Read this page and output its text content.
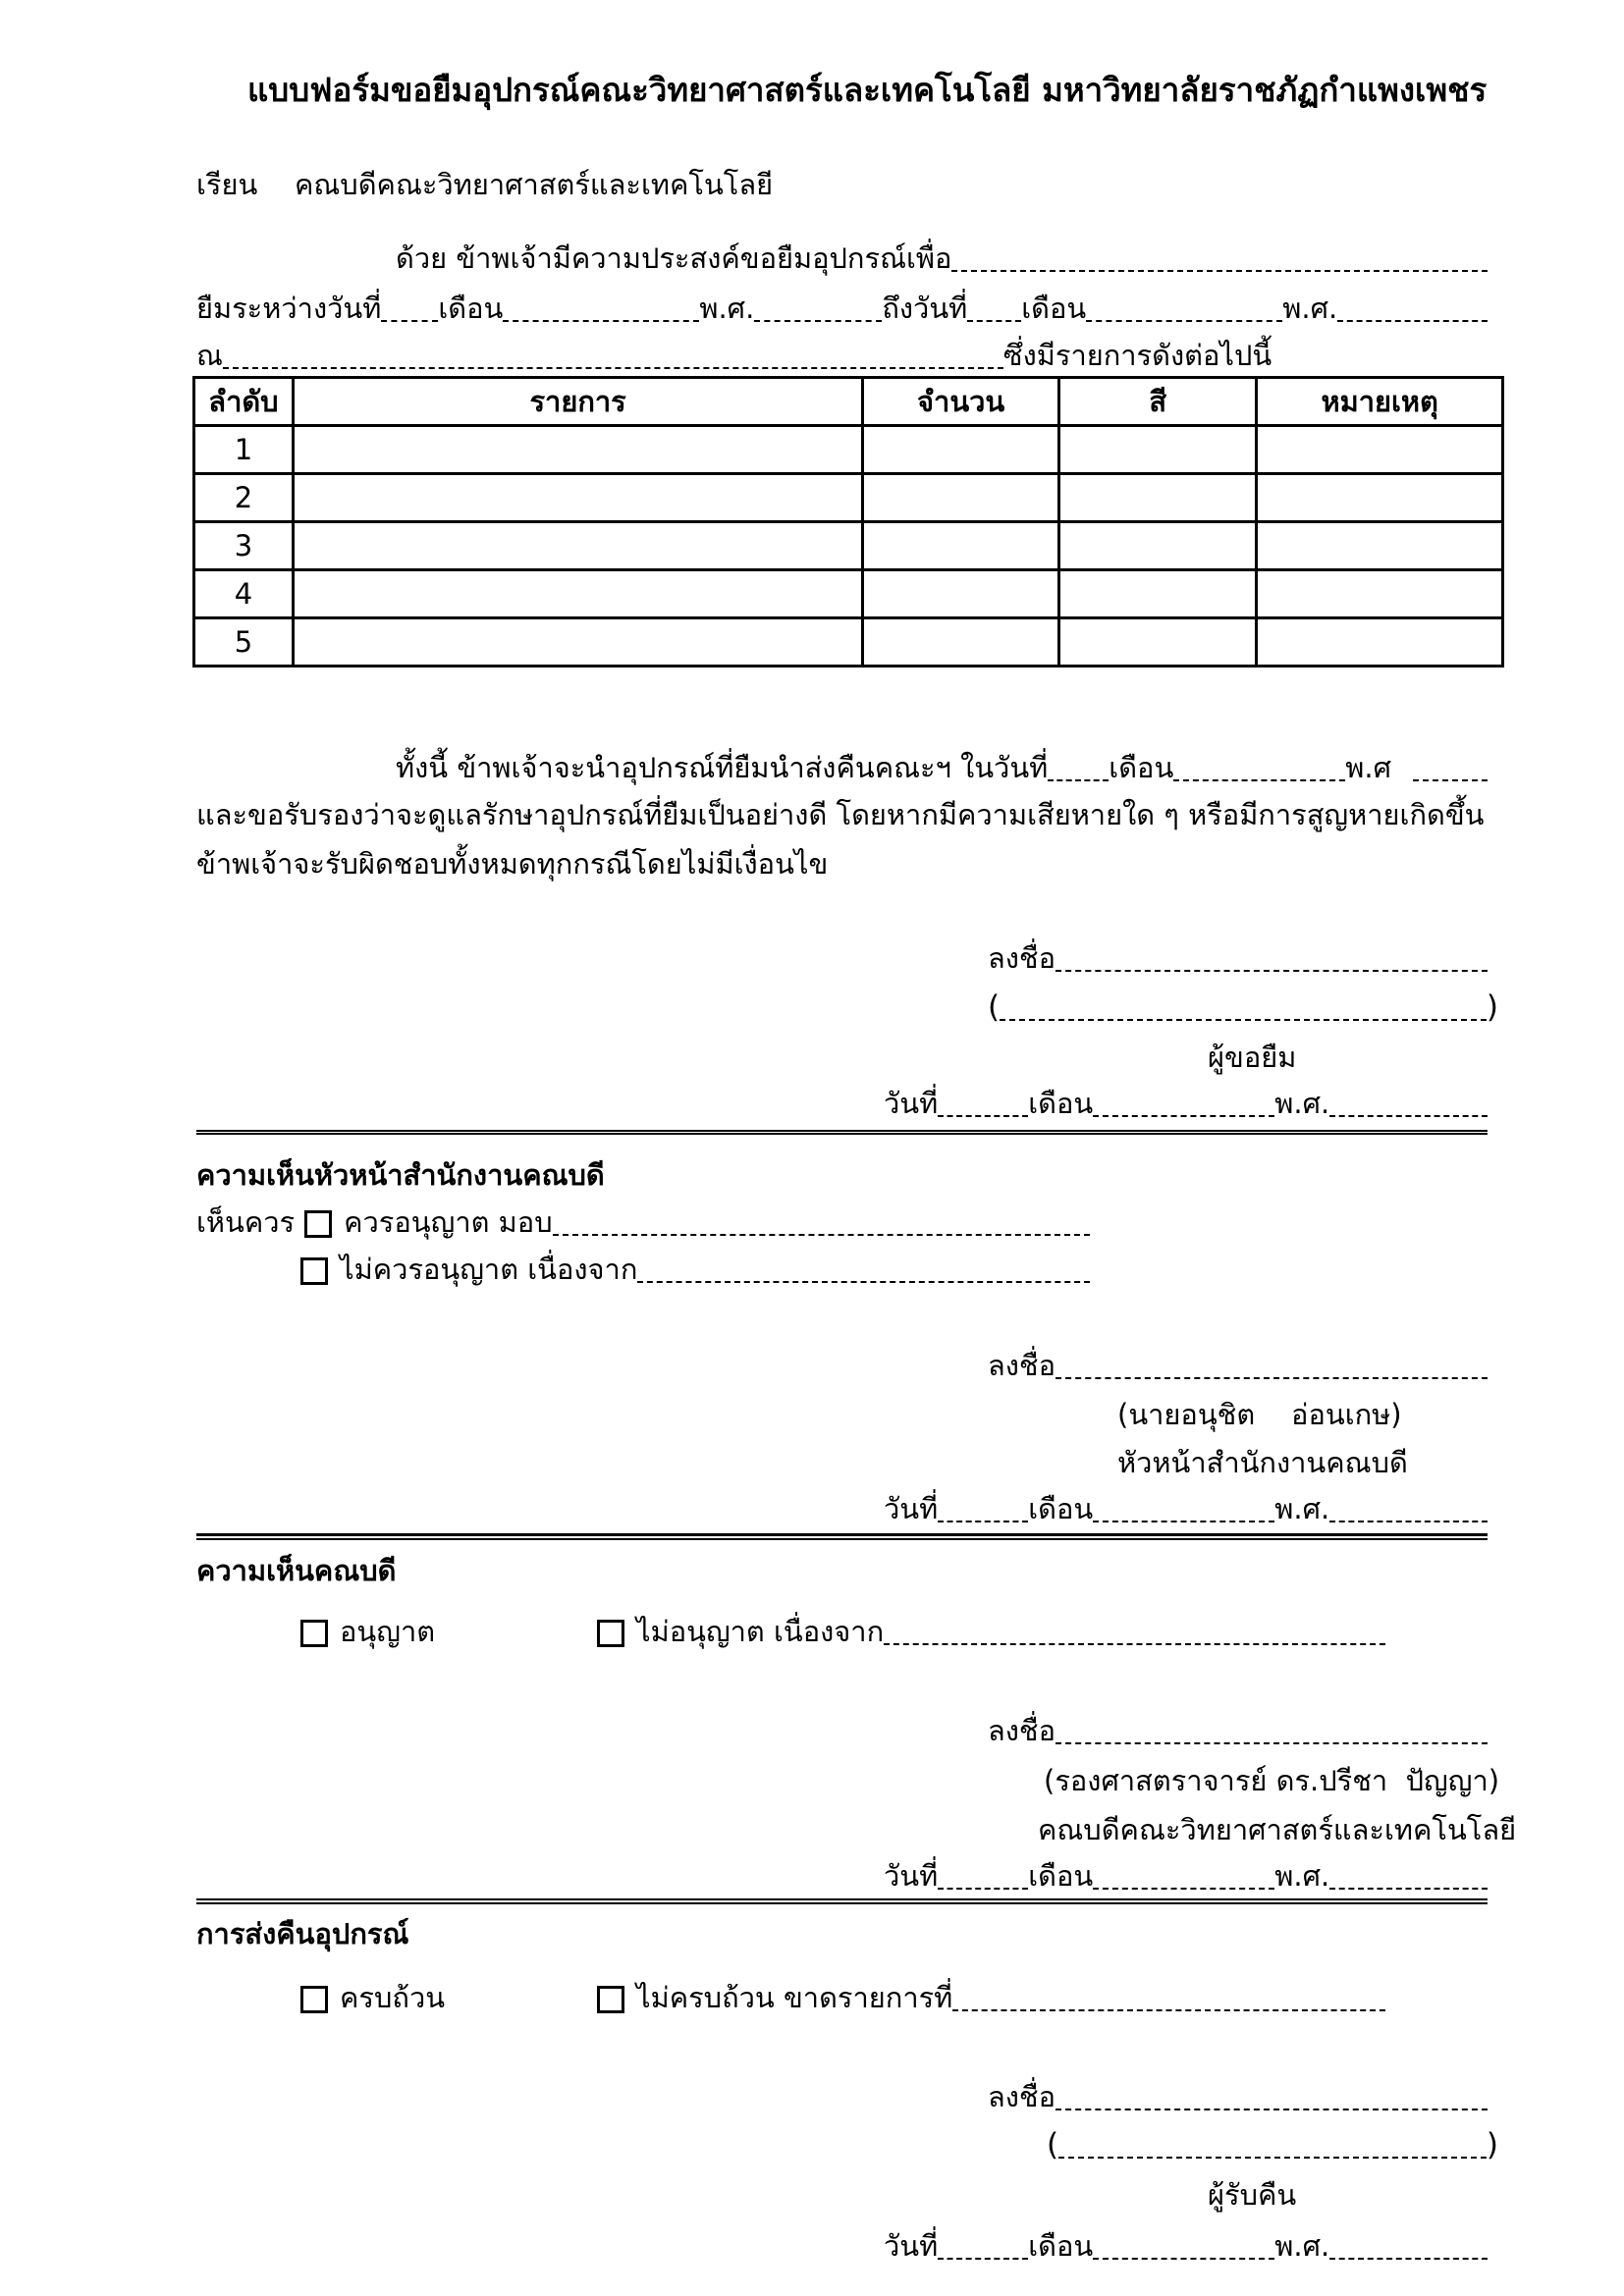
แบบฟอร์มขอยืมอุปกรณ์คณะวิทยาศาสตร์และเทคโนโลยี มหาวิทยาลัยราชภัฏกำแพงเพชร
เรียน คณบดีคณะวิทยาศาสตร์และเทคโนโลยี
ด้วย ข้าพเจ้ามีความประสงค์ขอยืมอุปกรณ์เพื่อ
ยืมระหว่างวันที่ เดือน	พ.ศ.	ถึงวันที่ เดือน	พ.ศ.
ณ	ซึ่งมีรายการดังต่อไปนี้
ลำดับ	รายการ	จำนวน	สี	หมายเหตุ
1				
2				
3				
4				
5				
ทั้งนี้ ข้าพเจ้าจะนำอุปกรณ์ที่ยืมนำส่งคืนคณะฯ ในวันที่ เดือน	พ.ศ
และขอรับรองว่าจะดูแลรักษาอุปกรณ์ที่ยืมเป็นอย่างดี โดยหากมีความเสียหายใด ๆ หรือมีการสูญหายเกิดขึ้น
ข้าพเจ้าจะรับผิดชอบทั้งหมดทุกกรณีโดยไม่มีเงื่อนไข
ลงชื่อ
(	)
ผู้ขอยืม
วันที่	เดือน	พ.ศ.
ความเห็นหัวหน้าสำนักงานคณบดี
เห็นควร ควรอนุญาต มอบ
ไม่ควรอนุญาต เนื่องจาก
ลงชื่อ
(นายอนุชิต    อ่อนเกษ)
หัวหน้าสำนักงานคณบดี
วันที่	เดือน	พ.ศ.
ความเห็นคณบดี
อนุญาต	ไม่อนุญาต เนื่องจาก
ลงชื่อ
(รองศาสตราจารย์ ดร.ปรีชา  ปัญญา)
คณบดีคณะวิทยาศาสตร์และเทคโนโลยี
วันที่	เดือน	พ.ศ.
การส่งคืนอุปกรณ์
ครบถ้วน	ไม่ครบถ้วน ขาดรายการที่
ลงชื่อ
(	)
ผู้รับคืน
วันที่	เดือน	พ.ศ.
